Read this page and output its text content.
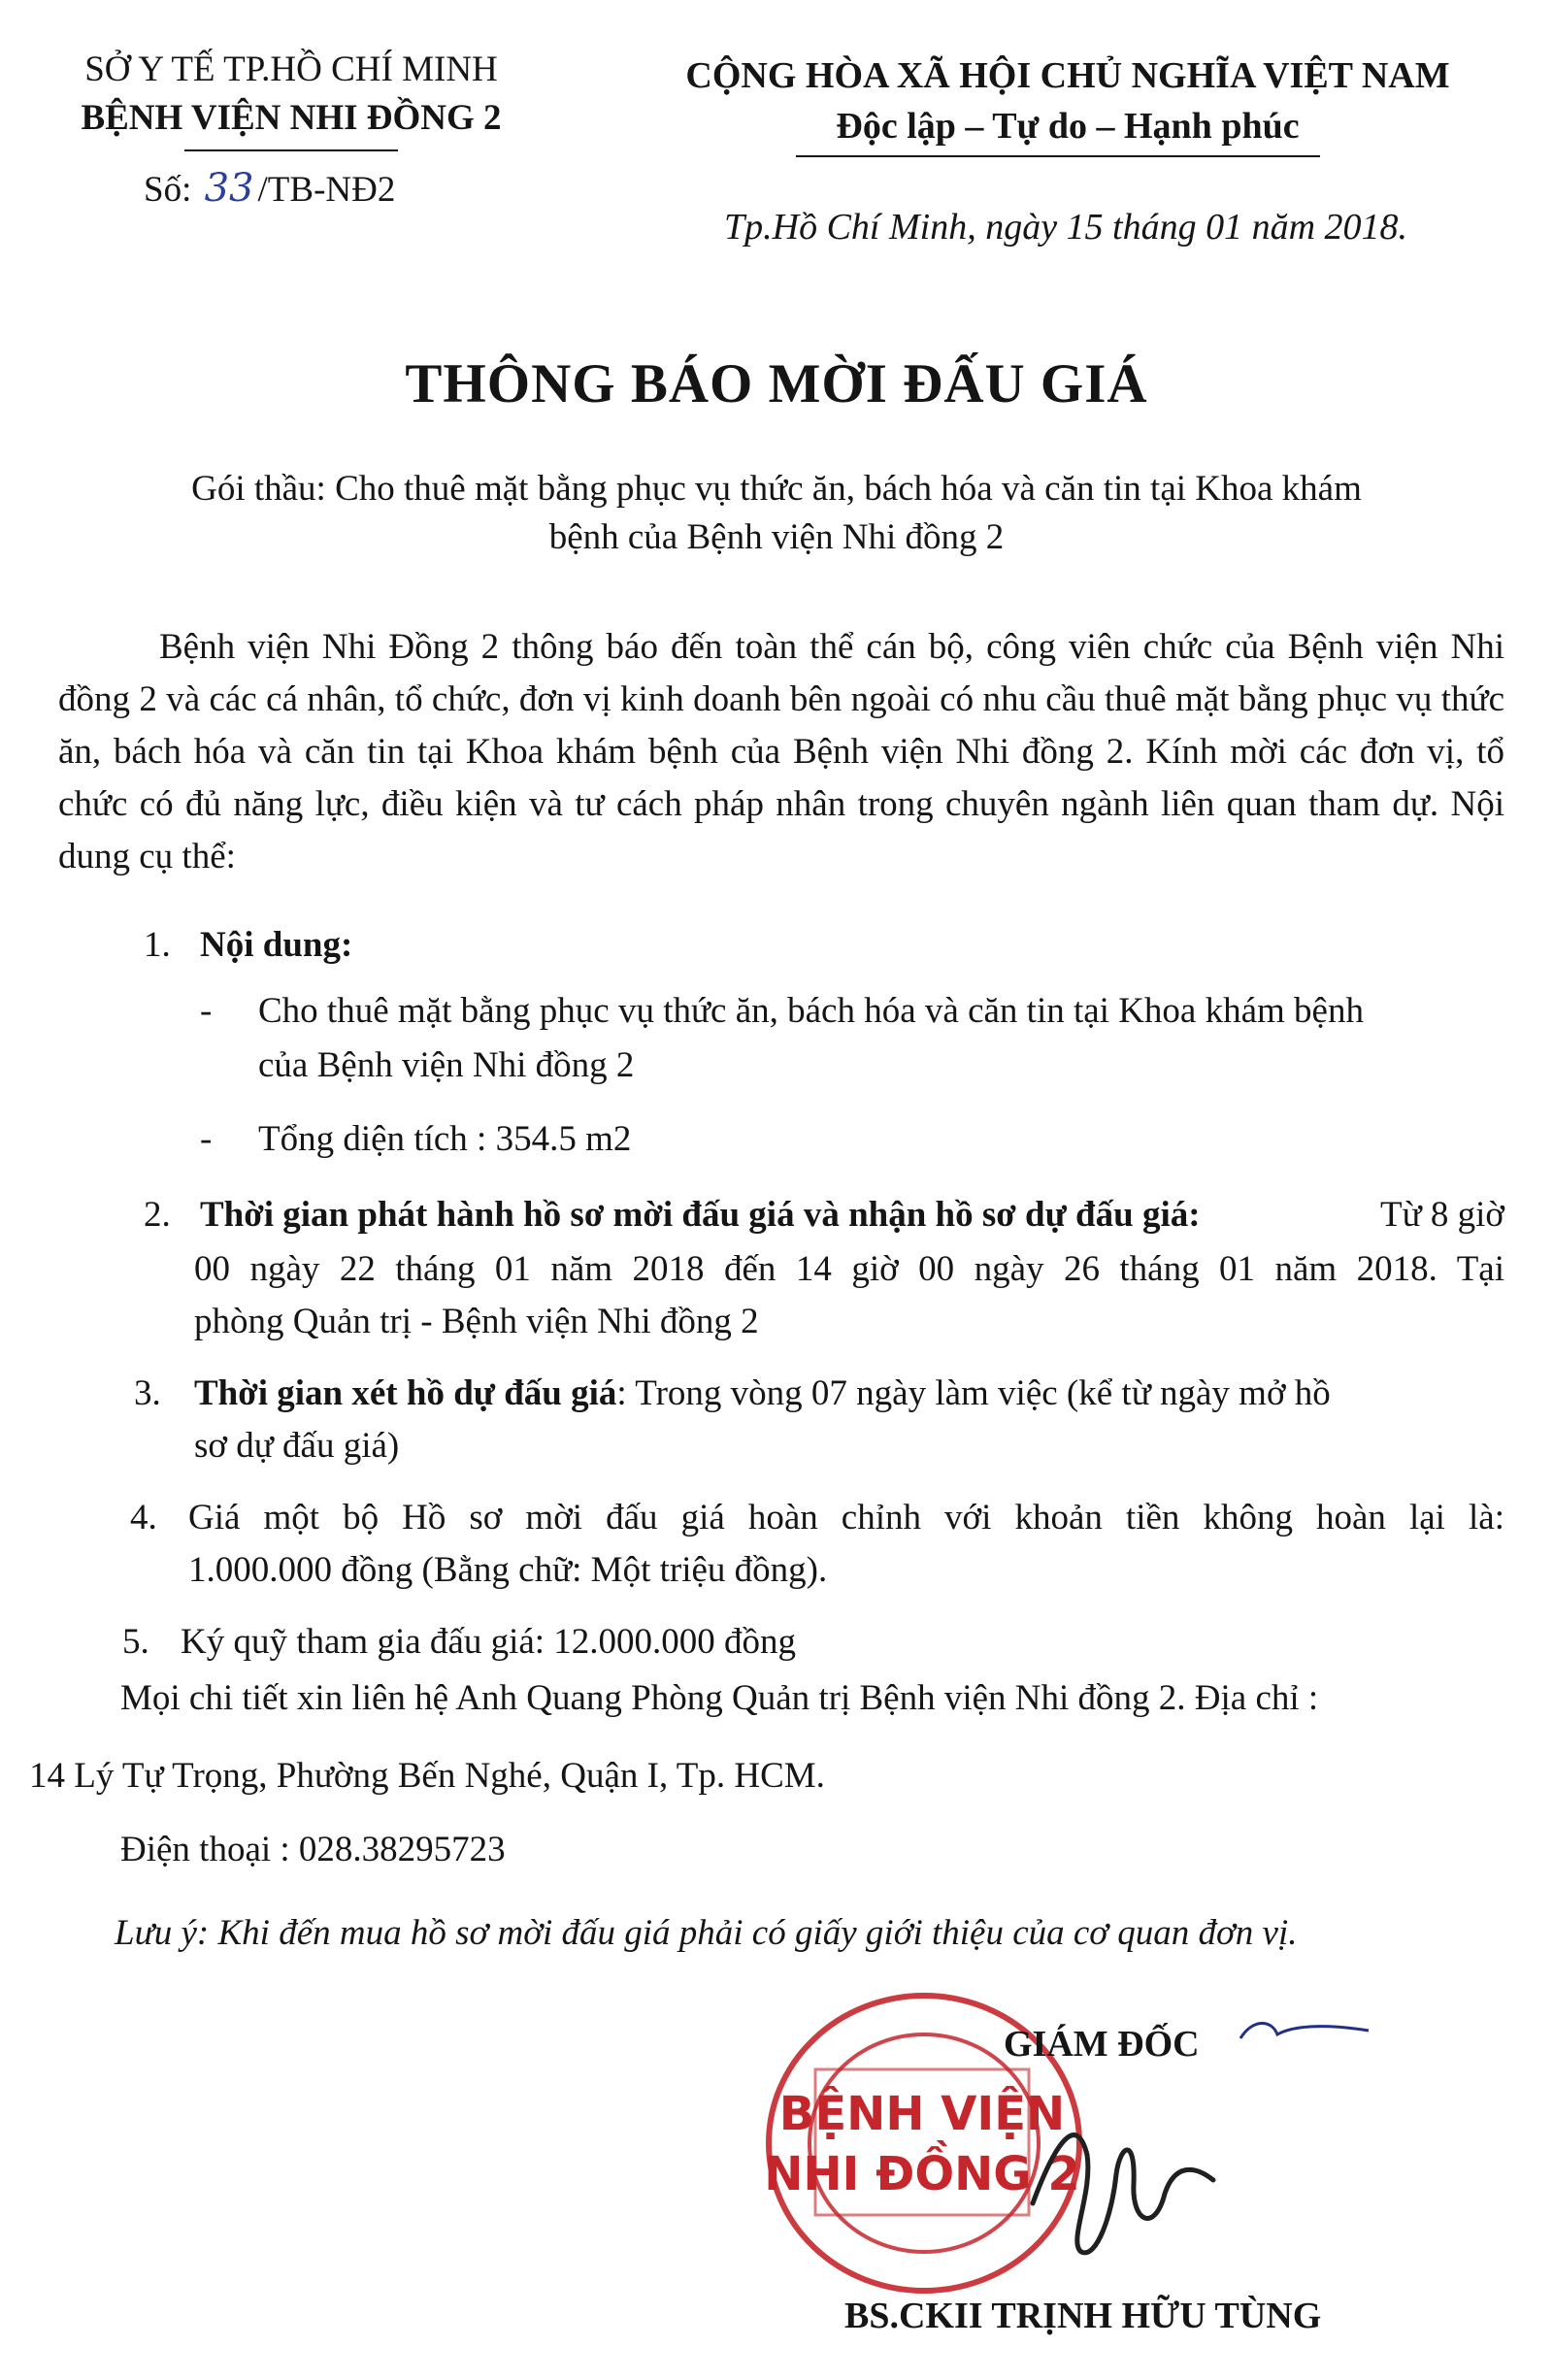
SỞ Y TẾ TP.HỒ CHÍ MINH
BỆNH VIỆN NHI ĐỒNG 2
Số: 33 /TB-NĐ2
CỘNG HÒA XÃ HỘI CHỦ NGHĨA VIỆT NAM
Độc lập – Tự do – Hạnh phúc
Tp.Hồ Chí Minh, ngày 15 tháng 01 năm 2018.
THÔNG BÁO MỜI ĐẤU GIÁ
Gói thầu: Cho thuê mặt bằng phục vụ thức ăn, bách hóa và căn tin tại Khoa khám
bệnh của Bệnh viện Nhi đồng 2
Bệnh viện Nhi Đồng 2 thông báo đến toàn thể cán bộ, công viên chức của Bệnh viện Nhi đồng 2 và các cá nhân, tổ chức, đơn vị kinh doanh bên ngoài có nhu cầu thuê mặt bằng phục vụ thức ăn, bách hóa và căn tin tại Khoa khám bệnh của Bệnh viện Nhi đồng 2. Kính mời các đơn vị, tổ chức có đủ năng lực, điều kiện và tư cách pháp nhân trong chuyên ngành liên quan tham dự. Nội dung cụ thể:
1. Nội dung:
- Cho thuê mặt bằng phục vụ thức ăn, bách hóa và căn tin tại Khoa khám bệnh
của Bệnh viện Nhi đồng 2
- Tổng diện tích : 354.5 m2
2. Thời gian phát hành hồ sơ mời đấu giá và nhận hồ sơ dự đấu giá:	Từ 8 giờ
00 ngày 22 tháng 01 năm 2018 đến 14 giờ 00 ngày 26 tháng 01 năm 2018. Tại
phòng Quản trị - Bệnh viện Nhi đồng 2
3. Thời gian xét hồ dự đấu giá : Trong vòng 07 ngày làm việc (kể từ ngày mở hồ
sơ dự đấu giá)
4. Giá một bộ Hồ sơ mời đấu giá hoàn chỉnh với khoản tiền không hoàn lại là:
1.000.000 đồng (Bằng chữ: Một triệu đồng).
5. Ký quỹ tham gia đấu giá: 12.000.000 đồng
Mọi chi tiết xin liên hệ Anh Quang Phòng Quản trị Bệnh viện Nhi đồng 2. Địa chỉ :
14 Lý Tự Trọng, Phường Bến Nghé, Quận I, Tp. HCM.
Điện thoại : 028.38295723
Lưu ý: Khi đến mua hồ sơ mời đấu giá phải có giấy giới thiệu của cơ quan đơn vị.
BỆNH VIỆN
NHI ĐỒNG 2
GIÁM ĐỐC
BS.CKII TRỊNH HỮU TÙNG
